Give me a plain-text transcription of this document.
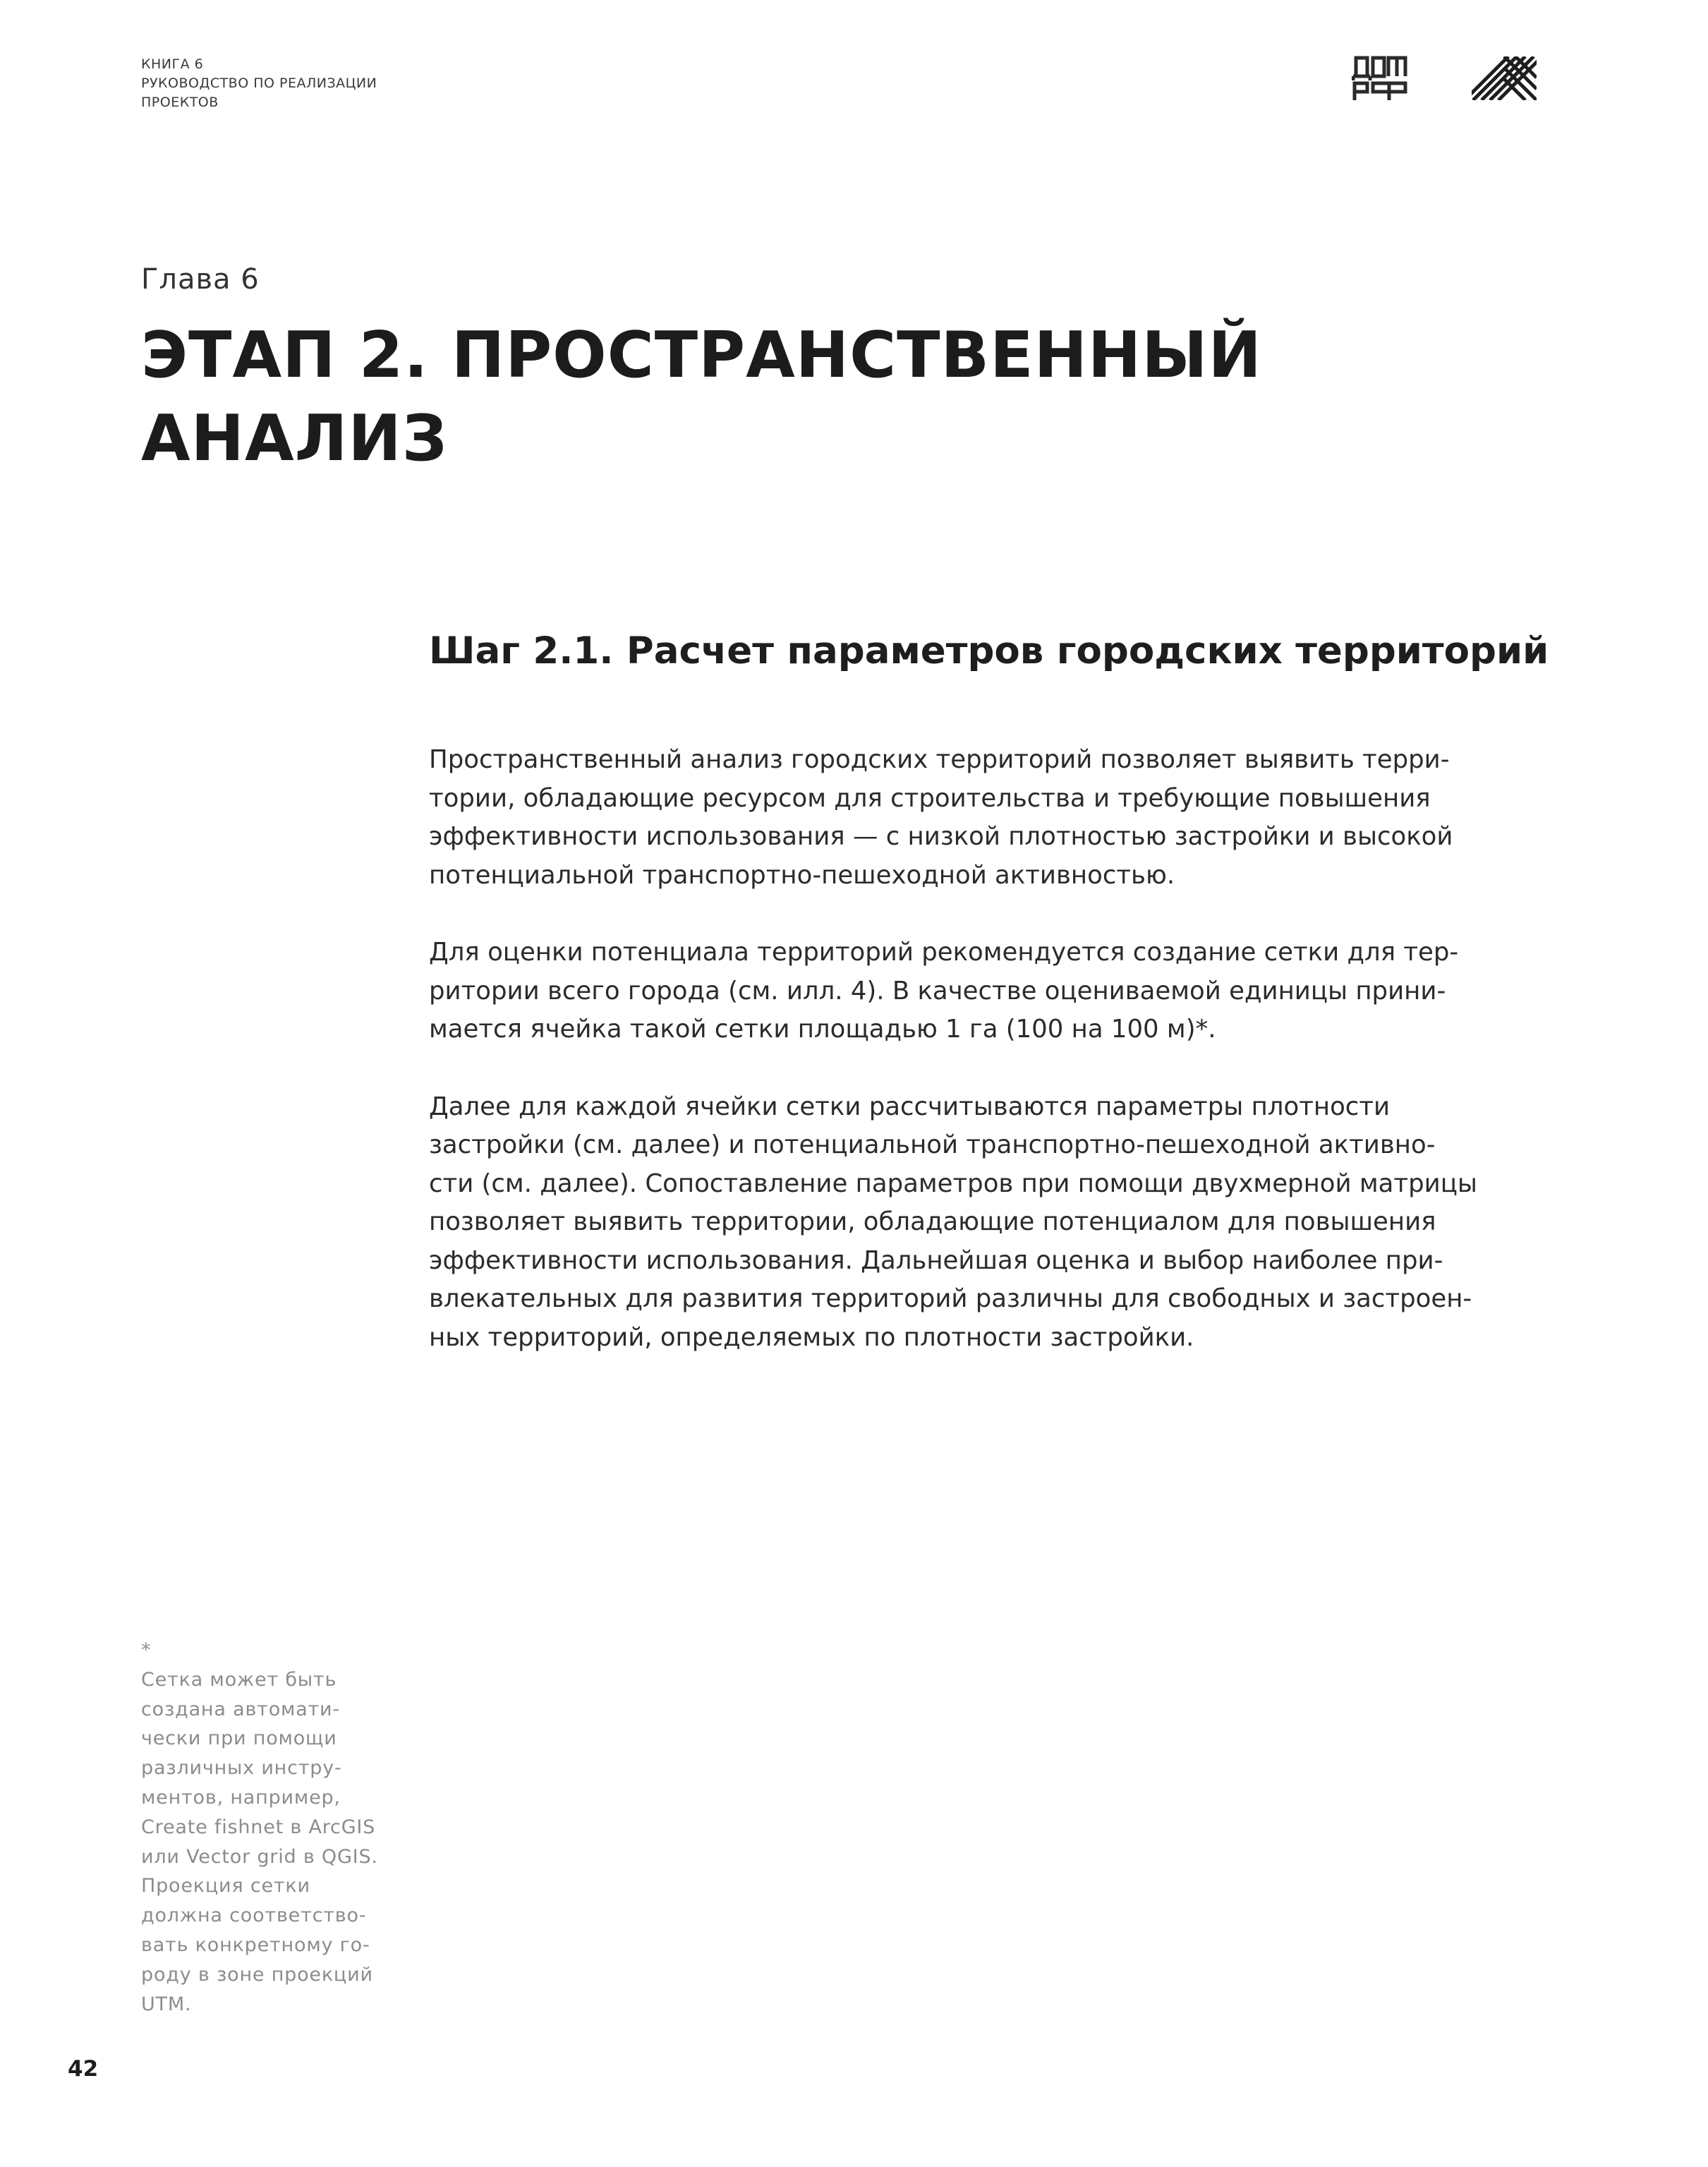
КНИГА 6
РУКОВОДСТВО ПО РЕАЛИЗАЦИИ
ПРОЕКТОВ
Глава 6
ЭТАП 2. ПРОСТРАНСТВЕННЫЙ
АНАЛИЗ
Шаг 2.1. Расчет параметров городских территорий
Пространственный анализ городских территорий позволяет выявить терри-
тории, обладающие ресурсом для строительства и требующие повышения
эффективности использования — с низкой плотностью застройки и высокой
потенциальной транспортно-пешеходной активностью.
Для оценки потенциала территорий рекомендуется создание сетки для тер-
ритории всего города (см. илл. 4). В качестве оцениваемой единицы прини-
мается ячейка такой сетки площадью 1 га (100 на 100 м)*.
Далее для каждой ячейки сетки рассчитываются параметры плотности
застройки (см. далее) и потенциальной транспортно-пешеходной активно-
сти (см. далее). Сопоставление параметров при помощи двухмерной матрицы
позволяет выявить территории, обладающие потенциалом для повышения
эффективности использования. Дальнейшая оценка и выбор наиболее при-
влекательных для развития территорий различны для свободных и застроен-
ных территорий, определяемых по плотности застройки.
*
Сетка может быть
создана автомати-
чески при помощи
различных инстру-
ментов, например,
Create fishnet в ArcGIS
или Vector grid в QGIS.
Проекция сетки
должна соответство-
вать конкретному го-
роду в зоне проекций
UTM.
42
